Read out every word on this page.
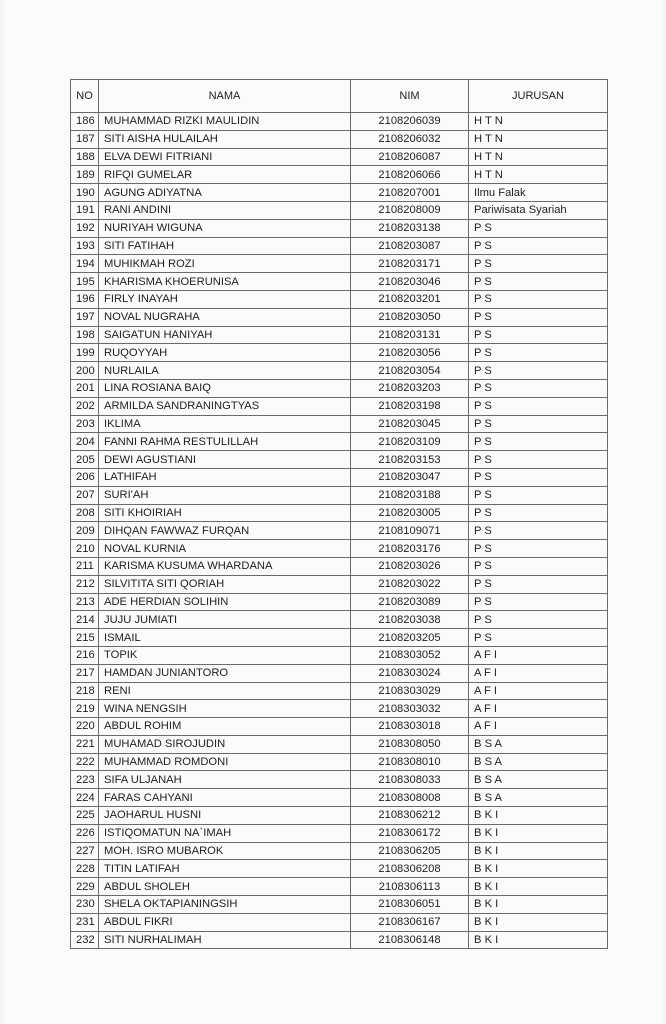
NO	NAMA	NIM	JURUSAN
186	MUHAMMAD RIZKI MAULIDIN	2108206039	H T N
187	SITI AISHA HULAILAH	2108206032	H T N
188	ELVA DEWI FITRIANI	2108206087	H T N
189	RIFQI GUMELAR	2108206066	H T N
190	AGUNG ADIYATNA	2108207001	Ilmu Falak
191	RANI ANDINI	2108208009	Pariwisata Syariah
192	NURIYAH WIGUNA	2108203138	P S
193	SITI FATIHAH	2108203087	P S
194	MUHIKMAH ROZI	2108203171	P S
195	KHARISMA KHOERUNISA	2108203046	P S
196	FIRLY INAYAH	2108203201	P S
197	NOVAL NUGRAHA	2108203050	P S
198	SAIGATUN HANIYAH	2108203131	P S
199	RUQOYYAH	2108203056	P S
200	NURLAILA	2108203054	P S
201	LINA ROSIANA BAIQ	2108203203	P S
202	ARMILDA SANDRANINGTYAS	2108203198	P S
203	IKLIMA	2108203045	P S
204	FANNI RAHMA RESTULILLAH	2108203109	P S
205	DEWI AGUSTIANI	2108203153	P S
206	LATHIFAH	2108203047	P S
207	SURI'AH	2108203188	P S
208	SITI KHOIRIAH	2108203005	P S
209	DIHQAN FAWWAZ FURQAN	2108109071	P S
210	NOVAL KURNIA	2108203176	P S
211	KARISMA KUSUMA WHARDANA	2108203026	P S
212	SILVITITA SITI QORIAH	2108203022	P S
213	ADE HERDIAN SOLIHIN	2108203089	P S
214	JUJU JUMIATI	2108203038	P S
215	ISMAIL	2108203205	P S
216	TOPIK	2108303052	A F I
217	HAMDAN JUNIANTORO	2108303024	A F I
218	RENI	2108303029	A F I
219	WINA NENGSIH	2108303032	A F I
220	ABDUL ROHIM	2108303018	A F I
221	MUHAMAD SIROJUDIN	2108308050	B S A
222	MUHAMMAD ROMDONI	2108308010	B S A
223	SIFA ULJANAH	2108308033	B S A
224	FARAS CAHYANI	2108308008	B S A
225	JAOHARUL HUSNI	2108306212	B K I
226	ISTIQOMATUN NA`IMAH	2108306172	B K I
227	MOH. ISRO MUBAROK	2108306205	B K I
228	TITIN LATIFAH	2108306208	B K I
229	ABDUL SHOLEH	2108306113	B K I
230	SHELA OKTAPIANINGSIH	2108306051	B K I
231	ABDUL FIKRI	2108306167	B K I
232	SITI NURHALIMAH	2108306148	B K I
